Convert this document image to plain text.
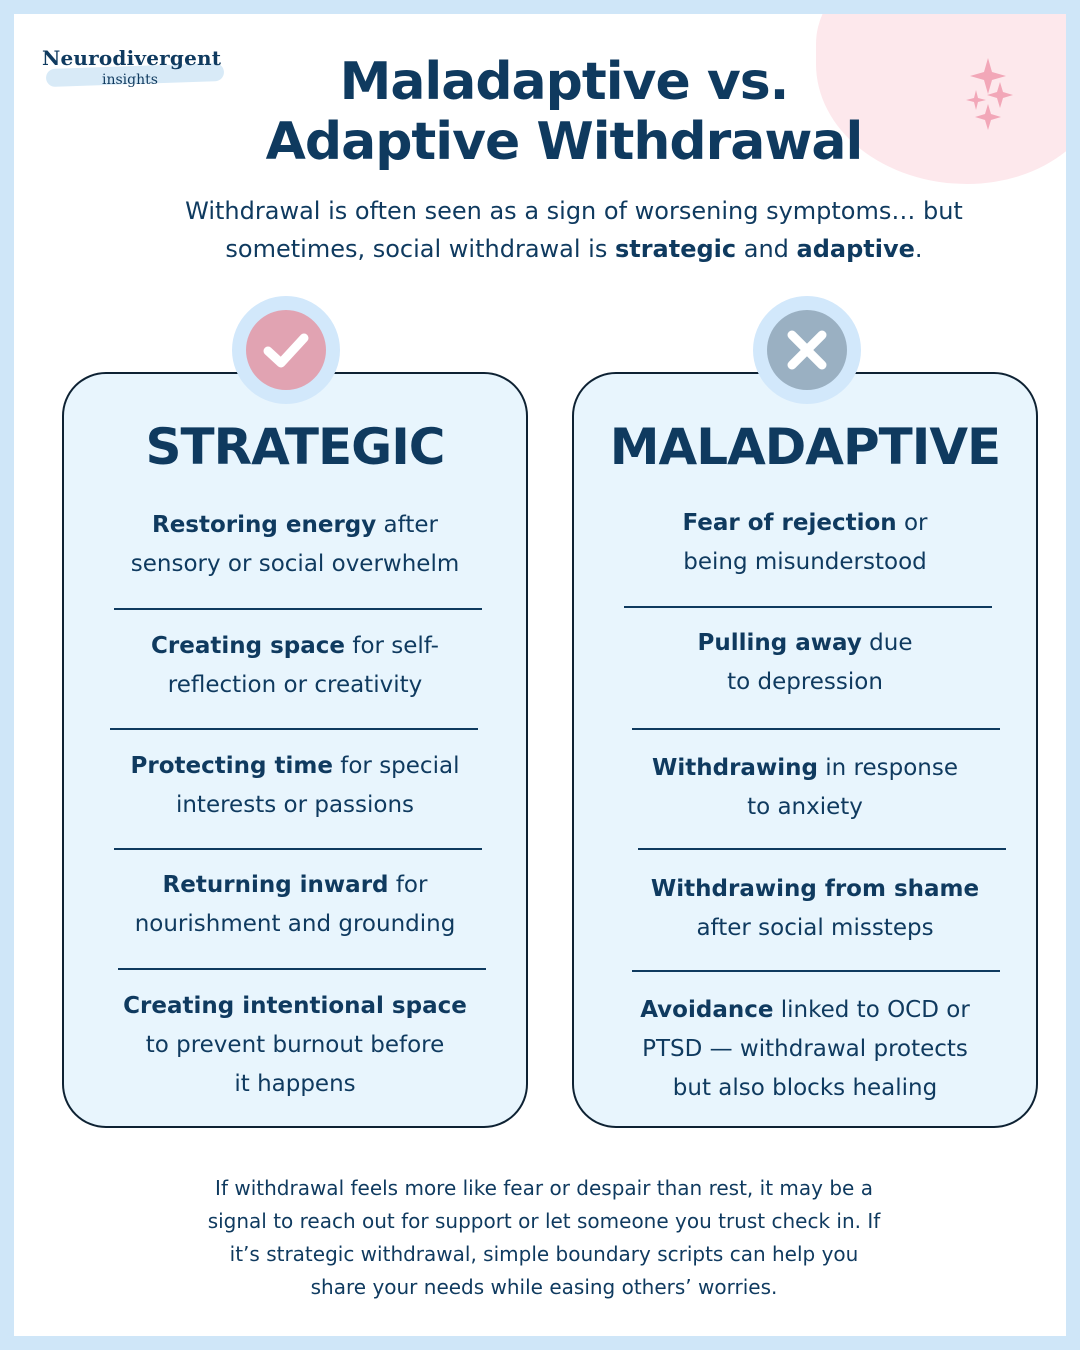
Neurodivergent
insights	Maladaptive vs.
Adaptive Withdrawal
Withdrawal is often seen as a sign of worsening symptoms… but
sometimes, social withdrawal is strategic and adaptive.
STRATEGIC
Restoring energy after
sensory or social overwhelm
Creating space for self-
reflection or creativity
Protecting time for special
interests or passions
Returning inward for
nourishment and grounding
Creating intentional space
to prevent burnout before
it happens
MALADAPTIVE
Fear of rejection or
being misunderstood
Pulling away due
to depression
Withdrawing in response
to anxiety
Withdrawing from shame
after social missteps
Avoidance linked to OCD or
PTSD — withdrawal protects
but also blocks healing
If withdrawal feels more like fear or despair than rest, it may be a
signal to reach out for support or let someone you trust check in. If
it’s strategic withdrawal, simple boundary scripts can help you
share your needs while easing others’ worries.
